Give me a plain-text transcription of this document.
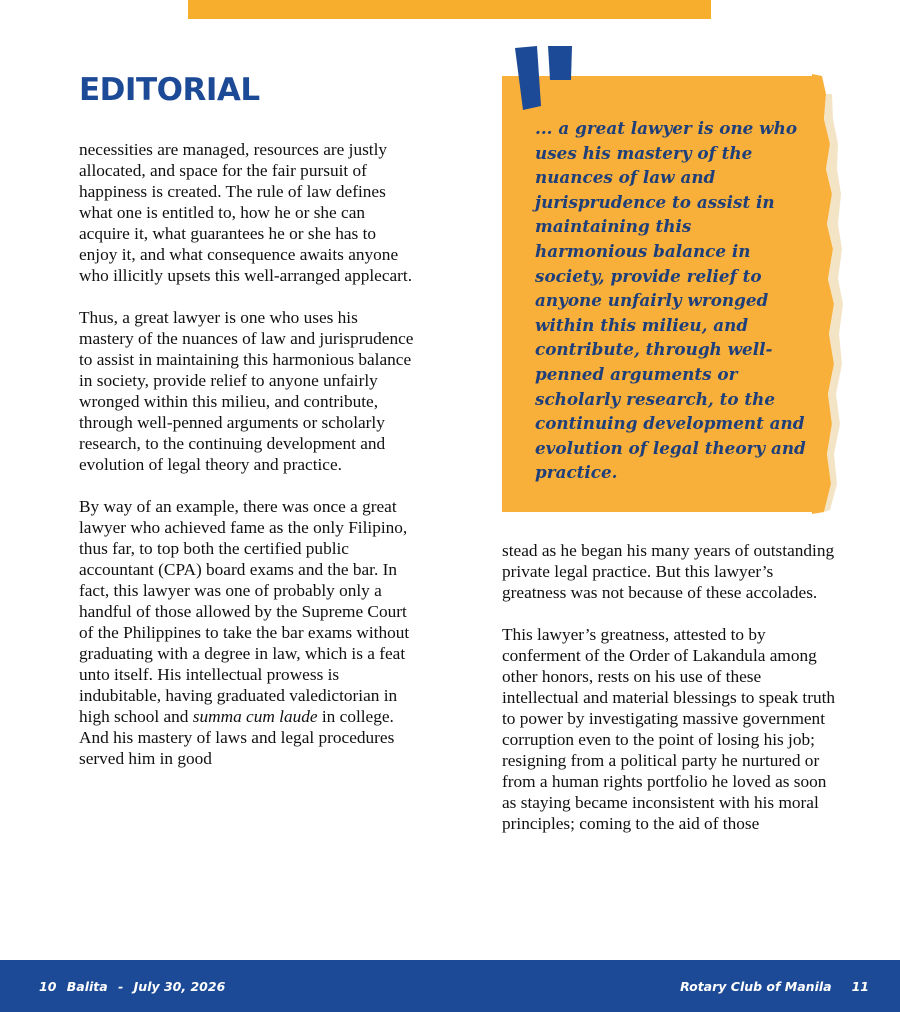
EDITORIAL

necessities are managed, resources are justly allocated, and space for the fair pursuit of happiness is created. The rule of law defines what one is entitled to, how he or she can acquire it, what guarantees he or she has to enjoy it, and what consequence awaits anyone who illicitly upsets this well-arranged applecart.

Thus, a great lawyer is one who uses his mastery of the nuances of law and jurisprudence to assist in maintaining this harmonious balance in society, provide relief to anyone unfairly wronged within this milieu, and contribute, through well-penned arguments or scholarly research, to the continuing development and evolution of legal theory and practice.

By way of an example, there was once a great lawyer who achieved fame as the only Filipino, thus far, to top both the certified public accountant (CPA) board exams and the bar. In fact, this lawyer was one of probably only a handful of those allowed by the Supreme Court of the Philippines to take the bar exams without graduating with a degree in law, which is a feat unto itself. His intellectual prowess is indubitable, having graduated valedictorian in high school and summa cum laude in college. And his mastery of laws and legal procedures served him in good

... a great lawyer is one who uses his mastery of the nuances of law and jurisprudence to assist in maintaining this harmonious balance in society, provide relief to anyone unfairly wronged within this milieu, and contribute, through well-penned arguments or scholarly research, to the continuing development and evolution of legal theory and practice.

stead as he began his many years of outstanding private legal practice. But this lawyer’s greatness was not because of these accolades.

This lawyer’s greatness, attested to by conferment of the Order of Lakandula among other honors, rests on his use of these intellectual and material blessings to speak truth to power by investigating massive government corruption even to the point of losing his job; resigning from a political party he nurtured or from a human rights portfolio he loved as soon as staying became inconsistent with his moral principles; coming to the aid of those

10 Balita - July 30, 2026	Rotary Club of Manila 11
